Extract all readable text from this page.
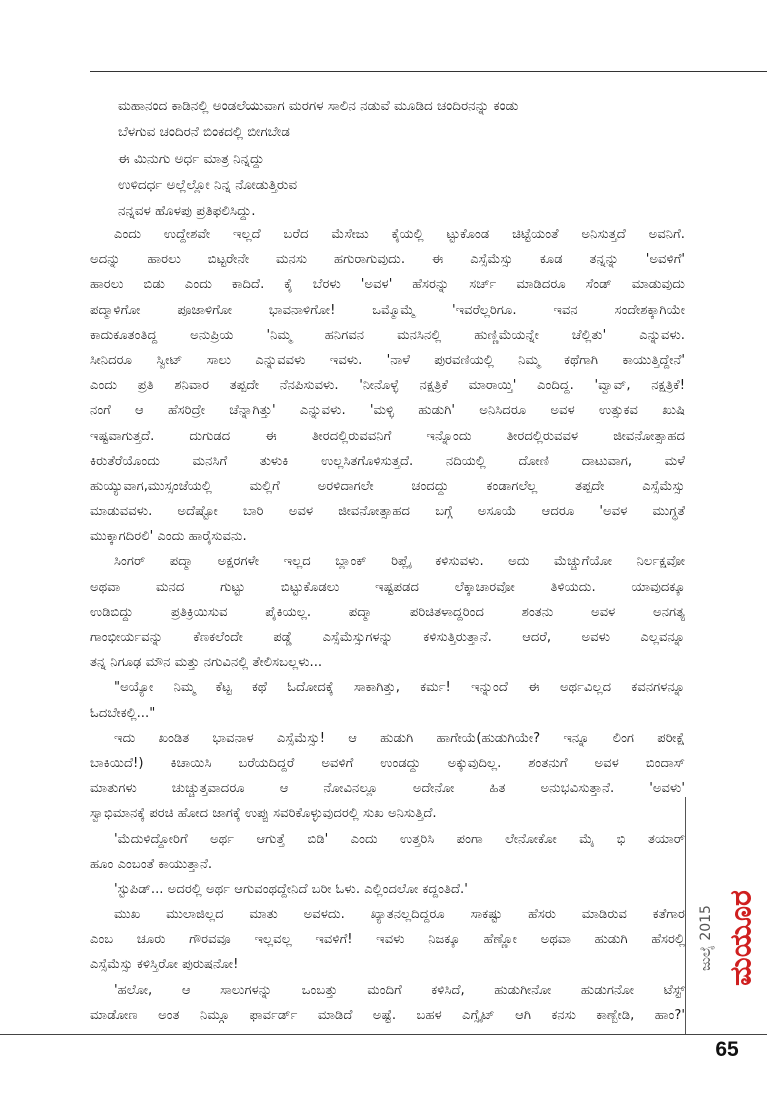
ಮಹಾನಂದ ಕಾಡಿನಲ್ಲಿ ಅಂಡಲೆಯುವಾಗ ಮರಗಳ ಸಾಲಿನ ನಡುವೆ ಮೂಡಿದ ಚಂದಿರನನ್ನು ಕಂಡು
ಬೆಳಗುವ ಚಂದಿರನೆ ಬಿಂಕದಲ್ಲಿ ಬೀಗಬೇಡ
ಈ ಮಿನುಗು ಅರ್ಧ ಮಾತ್ರ ನಿನ್ನದ್ದು
ಉಳಿದರ್ಧ ಅಲ್ಲೆಲ್ಲೋ ನಿನ್ನ ನೋಡುತ್ತಿರುವ
ನನ್ನವಳ ಹೊಳಪು ಪ್ರತಿಫಲಿಸಿದ್ದು.
ಎಂದು ಉದ್ದೇಶವೇ ಇಲ್ಲದೆ ಬರೆದ ಮೆಸೇಜು ಕೈಯಲ್ಲಿ ಟ್ಟುಕೊಂಡ ಚಿಟ್ಟೆಯಂತೆ ಅನಿಸುತ್ತದೆ ಅವನಿಗೆ.
ಅದನ್ನು ಹಾರಲು ಬಿಟ್ಟರೇನೇ ಮನಸು ಹಗುರಾಗುವುದು. ಈ ಎಸ್ಸೆಮೆಸ್ಸು ಕೂಡ ತನ್ನನ್ನು 'ಅವಳಿಗೆ'
ಹಾರಲು ಬಿಡು ಎಂದು ಕಾದಿದೆ. ಕೈ ಬೆರಳು 'ಅವಳ' ಹೆಸರನ್ನು ಸರ್ಚ್ ಮಾಡಿದರೂ ಸೆಂಡ್ ಮಾಡುವುದು
ಪದ್ಮಾಳಿಗೋ ಪೂಜಾಳಿಗೋ ಭಾವನಾಳಿಗೋ! ಒಮ್ಮೊಮ್ಮೆ 'ಇವರೆಲ್ಲರಿಗೂ. ಇವನ ಸಂದೇಶಕ್ಕಾಗಿಯೇ
ಕಾದುಕೂತಂತಿದ್ದ ಅನುಪ್ರಿಯ 'ನಿಮ್ಮ ಹನಿಗವನ ಮನಸಿನಲ್ಲಿ ಹುಣ್ಣಿಮೆಯನ್ನೇ ಚೆಲ್ಲಿತು' ಎನ್ನುವಳು.
ಸೀನಿದರೂ ಸ್ವೀಟ್ ಸಾಲು ಎನ್ನುವವಳು ಇವಳು. 'ನಾಳೆ ಪುರವಣಿಯಲ್ಲಿ ನಿಮ್ಮ ಕಥೆಗಾಗಿ ಕಾಯುತ್ತಿದ್ದೇನೆ'
ಎಂದು ಪ್ರತಿ ಶನಿವಾರ ತಪ್ಪದೇ ನೆನಪಿಸುವಳು. 'ನೀನೊಳ್ಳೆ ನಕ್ಷತ್ರಿಕೆ ಮಾರಾಯ್ತಿ' ಎಂದಿದ್ದ. 'ವ್ವಾವ್, ನಕ್ಷತ್ರಿಕೆ!
ನಂಗೆ ಆ ಹೆಸರಿದ್ರೇ ಚೆನ್ನಾಗಿತ್ತು' ಎನ್ನುವಳು. 'ಮಳ್ಳಿ ಹುಡುಗಿ' ಅನಿಸಿದರೂ ಅವಳ ಉತ್ಸುಕವ ಖುಷಿ
ಇಷ್ಟವಾಗುತ್ತದೆ. ದುಗುಡದ ಈ ತೀರದಲ್ಲಿರುವವನಿಗೆ ಇನ್ನೊಂದು ತೀರದಲ್ಲಿರುವವಳ ಜೀವನೋತ್ಸಾಹದ
ಕಿರುತೆರೆಯೊಂದು ಮನಸಿಗೆ ತುಳುಕಿ ಉಲ್ಲಸಿತಗೊಳಿಸುತ್ತದೆ. ನದಿಯಲ್ಲಿ ದೋಣಿ ದಾಟುವಾಗ, ಮಳೆ
ಹುಯ್ಯುವಾಗ,ಮುಸ್ಸಂಜೆಯಲ್ಲಿ ಮಲ್ಲಿಗೆ ಅರಳಿದಾಗಲೇ ಚಂದದ್ದು ಕಂಡಾಗಲೆಲ್ಲ ತಪ್ಪದೇ ಎಸ್ಸೆಮೆಸ್ಸು
ಮಾಡುವವಳು. ಅದೆಷ್ಟೋ ಬಾರಿ ಅವಳ ಜೀವನೋತ್ಸಾಹದ ಬಗ್ಗೆ ಅಸೂಯೆ ಆದರೂ 'ಅವಳ ಮುಗ್ಧತೆ
ಮುಕ್ಕಾಗದಿರಲಿ' ಎಂದು ಹಾರೈಸುವನು.
ಸಿಂಗರ್ ಪದ್ಮಾ ಅಕ್ಷರಗಳೇ ಇಲ್ಲದ ಬ್ಲಾಂಕ್ ರಿಪ್ಲೈ ಕಳಿಸುವಳು. ಅದು ಮೆಚ್ಚುಗೆಯೋ ನಿರ್ಲಕ್ಷವೋ
ಅಥವಾ ಮನದ ಗುಟ್ಟು ಬಿಟ್ಟುಕೊಡಲು ಇಷ್ಟಪಡದ ಲೆಕ್ಕಾಚಾರವೋ ತಿಳಿಯದು. ಯಾವುದಕ್ಕೂ
ಉಡಿಬಿದ್ದು ಪ್ರತಿಕ್ರಿಯಿಸುವ ಪೈಕಿಯಲ್ಲ. ಪದ್ಮಾ ಪರಿಚಿತಳಾದ್ದರಿಂದ ಶಂತನು ಅವಳ ಅನಗತ್ಯ
ಗಾಂಭೀರ್ಯವನ್ನು ಕೆಣಕಲೆಂದೇ ಪಡ್ಡೆ ಎಸ್ಸೆಮೆಸ್ಸುಗಳನ್ನು ಕಳಿಸುತ್ತಿರುತ್ತಾನೆ. ಆದರೆ, ಅವಳು ಎಲ್ಲವನ್ನೂ
ತನ್ನ ನಿಗೂಢ ಮೌನ ಮತ್ತು ನಗುವಿನಲ್ಲಿ ತೇಲಿಸಬಲ್ಲಳು...
"ಅಯ್ಯೋ ನಿಮ್ಮ ಕೆಟ್ಟ ಕಥೆ ಓದೋದಕ್ಕೆ ಸಾಕಾಗಿತ್ತು, ಕರ್ಮ! ಇನ್ನುಂದೆ ಈ ಅರ್ಥವಿಲ್ಲದ ಕವನಗಳನ್ನೂ
ಓದಬೇಕಲ್ಲಿ..."
ಇದು ಖಂಡಿತ ಭಾವನಾಳ ಎಸ್ಸೆಮೆಸ್ಸು! ಆ ಹುಡುಗಿ ಹಾಗೇಯೆ(ಹುಡುಗಿಯೇ? ಇನ್ನೂ ಲಿಂಗ ಪರೀಕ್ಷೆ
ಬಾಕಿಯಿದೆ!) ಕಿಚಾಯಿಸಿ ಬರೆಯದಿದ್ದರೆ ಅವಳಿಗೆ ಉಂಡದ್ದು ಅಕ್ಕುವುದಿಲ್ಲ. ಶಂತನುಗೆ ಅವಳ ಬಿಂದಾಸ್
ಮಾತುಗಳು ಚುಚ್ಚುತ್ತವಾದರೂ ಆ ನೋವಿನಲ್ಲೂ ಅದೇನೋ ಹಿತ ಅನುಭವಿಸುತ್ತಾನೆ. 'ಅವಳು'
ಸ್ವಾಭಿಮಾನಕ್ಕೆ ಪರಚಿ ಹೋದ ಜಾಗಕ್ಕೆ ಉಪ್ಪು ಸವರಿಕೊಳ್ಳುವುದರಲ್ಲಿ ಸುಖ ಅನಿಸುತ್ತಿದೆ.
'ಮೆದುಳಿದ್ದೋರಿಗೆ ಅರ್ಥ ಆಗುತ್ತೆ ಬಿಡಿ' ಎಂದು ಉತ್ತರಿಸಿ ಪಂಗಾ ಲೇನೋಕೋ ಮೈ ಭಿ ತಯಾರ್
ಹೂಂ ಎಂಬಂತೆ ಕಾಯುತ್ತಾನೆ.
'ಸ್ಟುಪಿಡ್... ಅದರಲ್ಲಿ ಅರ್ಥ ಆಗುವಂಥದ್ದೇನಿದೆ ಬರೀ ಓಳು. ಎಲ್ಲಿಂದಲೋ ಕದ್ದಂತಿದೆ.'
ಮುಖ ಮುಲಾಜಿಲ್ಲದ ಮಾತು ಅವಳದು. ಖ್ಯಾತನಲ್ಲದಿದ್ದರೂ ಸಾಕಷ್ಟು ಹೆಸರು ಮಾಡಿರುವ ಕತೆಗಾರ
ಎಂಬ ಚೂರು ಗೌರವವೂ ಇಲ್ಲವಲ್ಲ ಇವಳಿಗೆ! ಇವಳು ನಿಜಕ್ಕೂ ಹೆಣ್ಣೋ ಅಥವಾ ಹುಡುಗಿ ಹೆಸರಲ್ಲಿ
ಎಸ್ಸೆಮೆಸ್ಸು ಕಳಿಸ್ತಿರೋ ಪುರುಷನೋ!
'ಹಲೋ, ಆ ಸಾಲುಗಳನ್ನು ಒಂಬತ್ತು ಮಂದಿಗೆ ಕಳಿಸಿದೆ, ಹುಡುಗೀನೋ ಹುಡುಗನೋ ಟೆಸ್ಟ್
ಮಾಡೋಣ ಅಂತ ನಿಮ್ಗೂ ಫಾರ್ವರ್ಡ್ ಮಾಡಿದೆ ಅಷ್ಟೆ. ಬಹಳ ಎಗ್ಸೈಟ್ ಆಗಿ ಕನಸು ಕಾಣ್ಬೇಡಿ, ಹಾಂ?'
ಜುಲೈ 2015 ಮಯೂರ
65
